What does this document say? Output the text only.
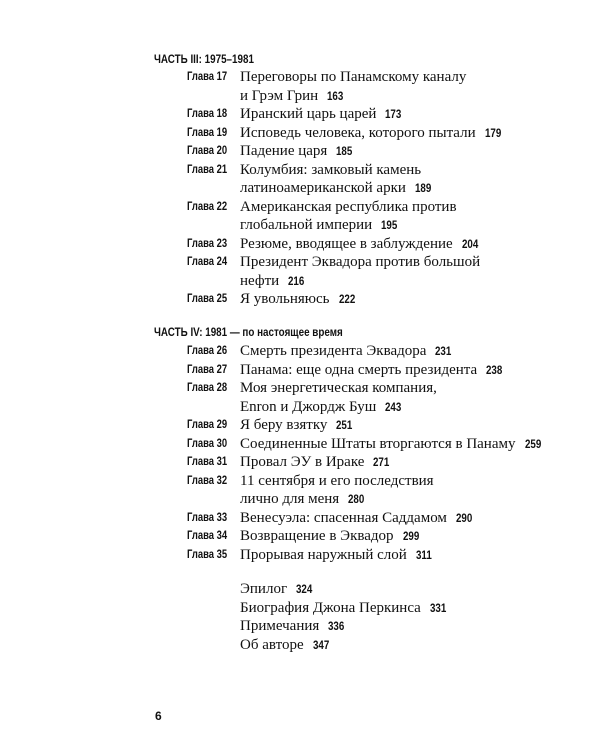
ЧАСТЬ III: 1975–1981
ЧАСТЬ IV: 1981 — по настоящее время
Глава 17 Переговоры по Панамскому каналу
и Грэм Грин 163
Глава 18 Иранский царь царей 173
Глава 19 Исповедь человека, которого пытали 179
Глава 20 Падение царя 185
Глава 21 Колумбия: замковый камень
латиноамериканской арки 189
Глава 22 Американская республика против
глобальной империи 195
Глава 23 Резюме, вводящее в заблуждение 204
Глава 24 Президент Эквадора против большой
нефти 216
Глава 25 Я увольняюсь 222
Глава 26 Смерть президента Эквадора 231
Глава 27 Панама: еще одна смерть президента 238
Глава 28 Моя энергетическая компания,
Enron и Джордж Буш 243
Глава 29 Я беру взятку 251
Глава 30 Соединенные Штаты вторгаются в Панаму 259
Глава 31 Провал ЭУ в Ираке 271
Глава 32 11 сентября и его последствия
лично для меня 280
Глава 33 Венесуэла: спасенная Саддамом 290
Глава 34 Возвращение в Эквадор 299
Глава 35 Прорывая наружный слой 311
Эпилог 324
Биография Джона Перкинса 331
Примечания 336
Об авторе 347
6
